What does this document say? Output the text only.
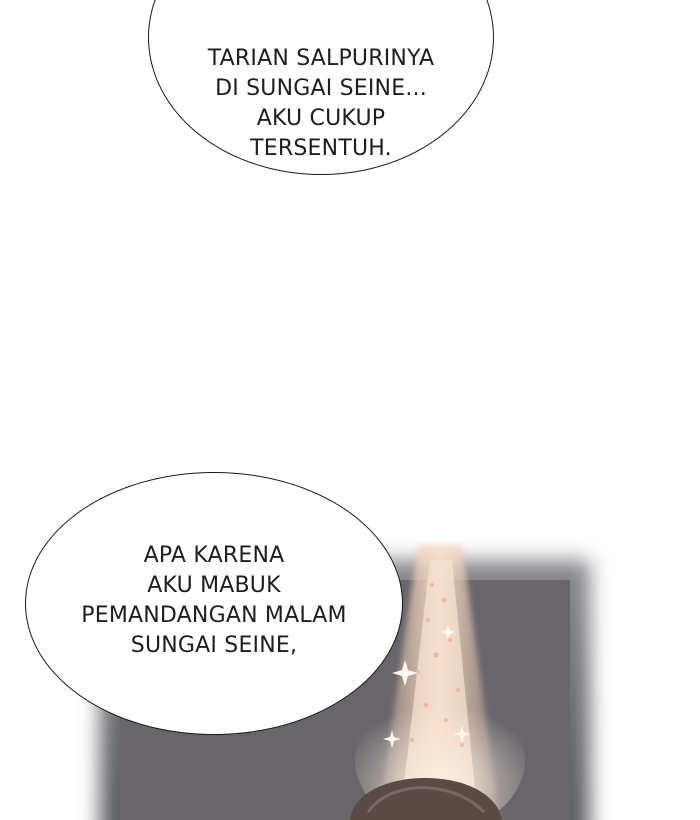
TARIAN SALPURINYA
DI SUNGAI SEINE...
AKU CUKUP
TERSENTUH.
APA KARENA
AKU MABUK
PEMANDANGAN MALAM
SUNGAI SEINE,
